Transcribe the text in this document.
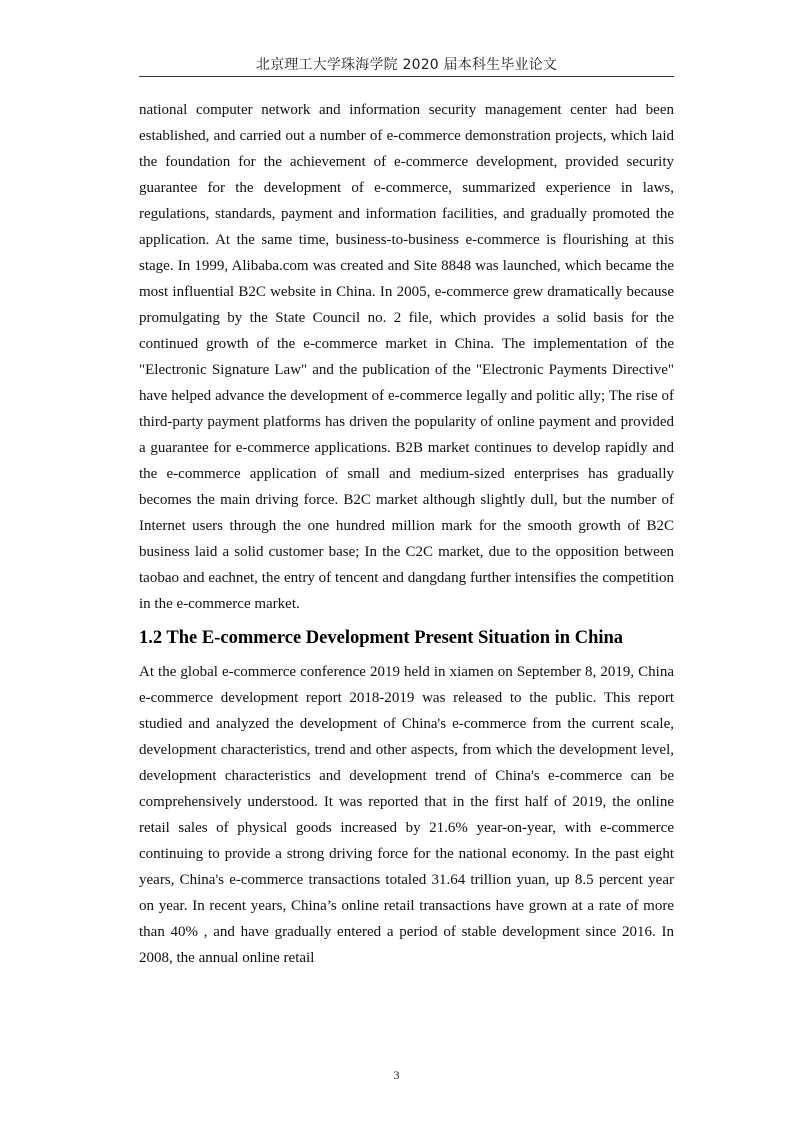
北京理工大学珠海学院 2020 届本科生毕业论文

national computer network and information security management center had been established, and carried out a number of e-commerce demonstration projects, which laid the foundation for the achievement of e-commerce development, provided security guarantee for the development of e-commerce, summarized experience in laws, regulations, standards, payment and information facilities, and gradually promoted the application. At the same time, business-to-business e-commerce is flourishing at this stage. In 1999, Alibaba.com was created and Site 8848 was launched, which became the most influential B2C website in China. In 2005, e-commerce grew dramatically because promulgating by the State Council no. 2 file, which provides a solid basis for the continued growth of the e-commerce market in China. The implementation of the "Electronic Signature Law" and the publication of the "Electronic Payments Directive" have helped advance the development of e-commerce legally and politic ally; The rise of third-party payment platforms has driven the popularity of online payment and provided a guarantee for e-commerce applications. B2B market continues to develop rapidly and the e-commerce application of small and medium-sized enterprises has gradually becomes the main driving force. B2C market although slightly dull, but the number of Internet users through the one hundred million mark for the smooth growth of B2C business laid a solid customer base; In the C2C market, due to the opposition between taobao and eachnet, the entry of tencent and dangdang further intensifies the competition in the e-commerce market.

1.2 The E-commerce Development Present Situation in China

At the global e-commerce conference 2019 held in xiamen on September 8, 2019, China e-commerce development report 2018-2019 was released to the public. This report studied and analyzed the development of China's e-commerce from the current scale, development characteristics, trend and other aspects, from which the development level, development characteristics and development trend of China's e-commerce can be comprehensively understood. It was reported that in the first half of 2019, the online retail sales of physical goods increased by 21.6% year-on-year, with e-commerce continuing to provide a strong driving force for the national economy. In the past eight years, China's e-commerce transactions totaled 31.64 trillion yuan, up 8.5 percent year on year. In recent years, China’s online retail transactions have grown at a rate of more than 40% , and have gradually entered a period of stable development since 2016. In 2008, the annual online retail

3
